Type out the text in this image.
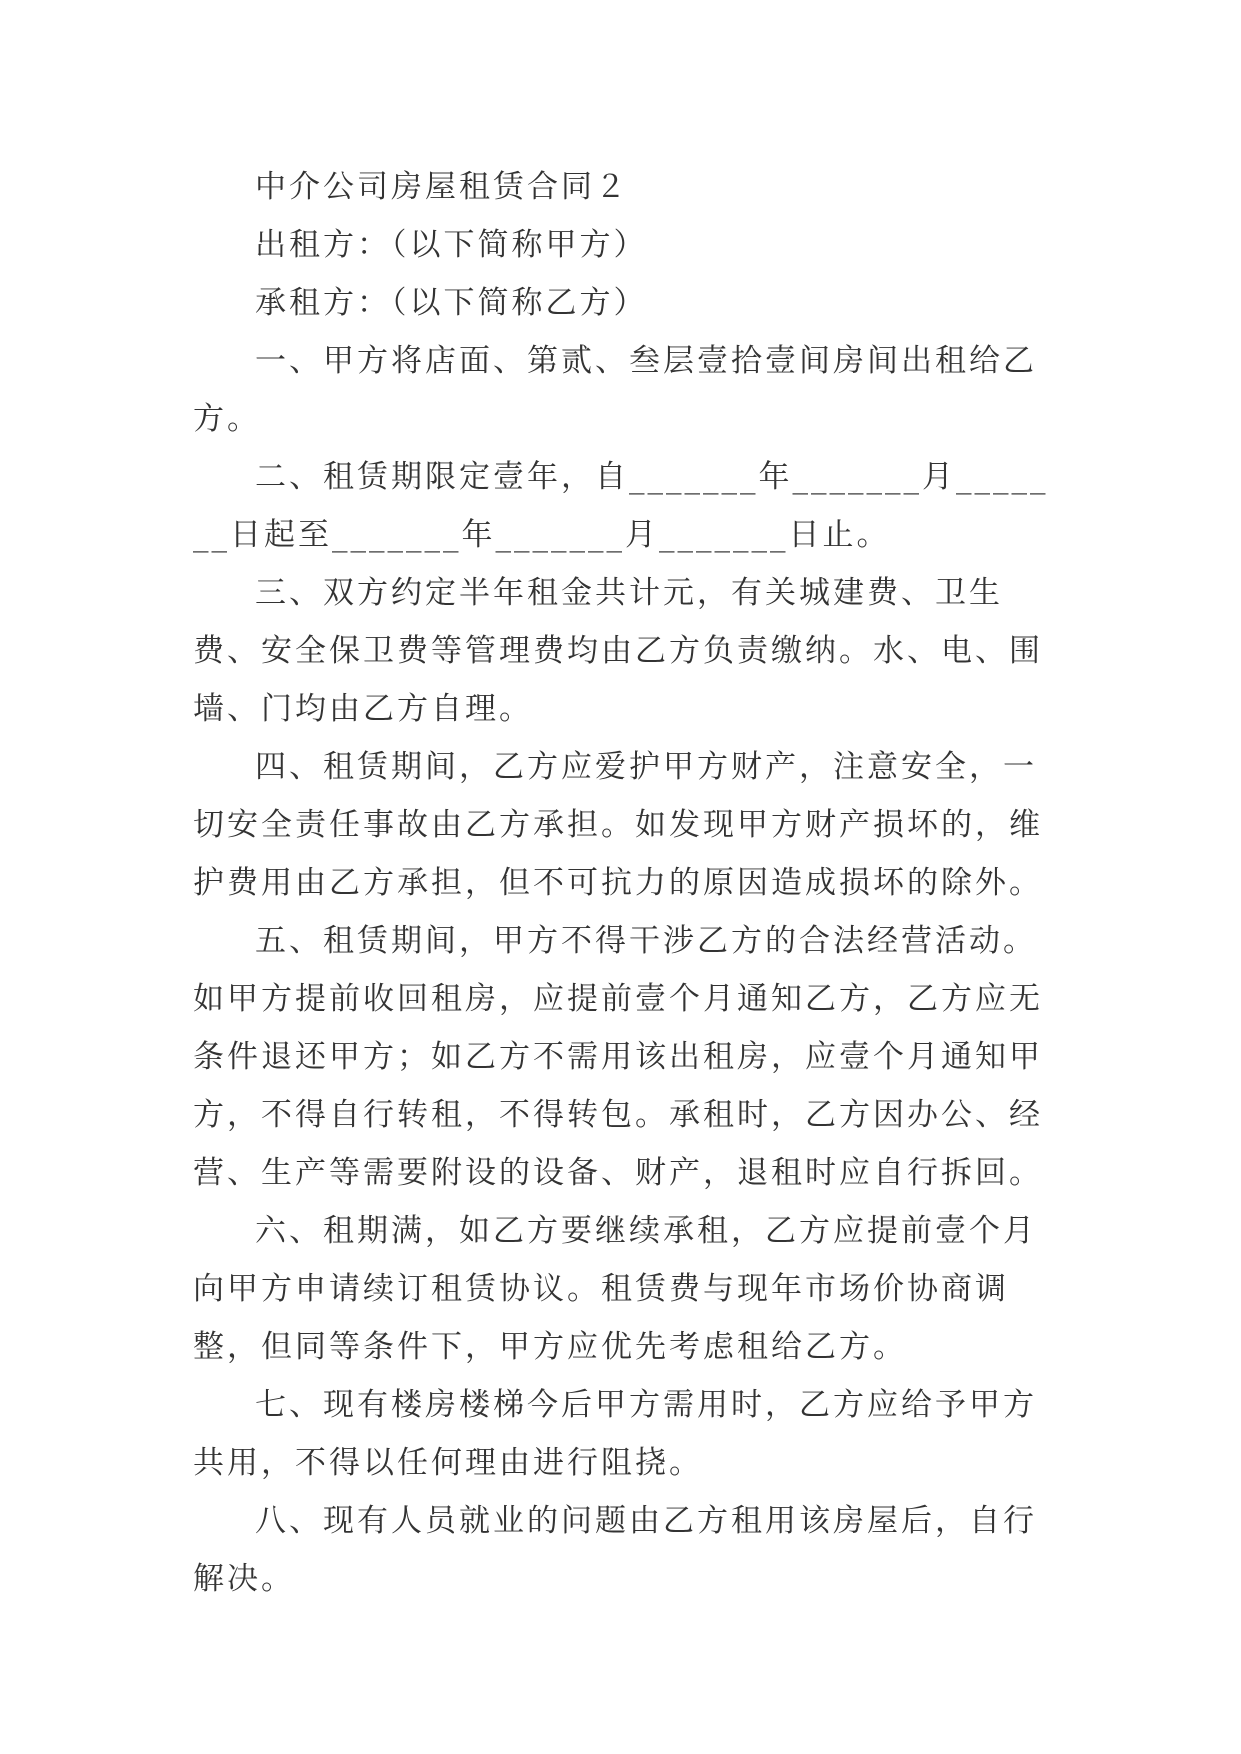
中介公司房屋租赁合同２

出租方：（以下简称甲方）

承租方：（以下简称乙方）

一、甲方将店面、第贰、叁层壹拾壹间房间出租给乙方。

二、租赁期限定壹年，自_______年_______月_______日起至_______年_______月_______日止。

三、双方约定半年租金共计元，有关城建费、卫生费、安全保卫费等管理费均由乙方负责缴纳。水、电、围墙、门均由乙方自理。

四、租赁期间，乙方应爱护甲方财产，注意安全，一切安全责任事故由乙方承担。如发现甲方财产损坏的，维护费用由乙方承担，但不可抗力的原因造成损坏的除外。

五、租赁期间，甲方不得干涉乙方的合法经营活动。如甲方提前收回租房，应提前壹个月通知乙方，乙方应无条件退还甲方；如乙方不需用该出租房，应壹个月通知甲方，不得自行转租，不得转包。承租时，乙方因办公、经营、生产等需要附设的设备、财产，退租时应自行拆回。

六、租期满，如乙方要继续承租，乙方应提前壹个月向甲方申请续订租赁协议。租赁费与现年市场价协商调整，但同等条件下，甲方应优先考虑租给乙方。

七、现有楼房楼梯今后甲方需用时，乙方应给予甲方共用，不得以任何理由进行阻挠。

八、现有人员就业的问题由乙方租用该房屋后，自行解决。
